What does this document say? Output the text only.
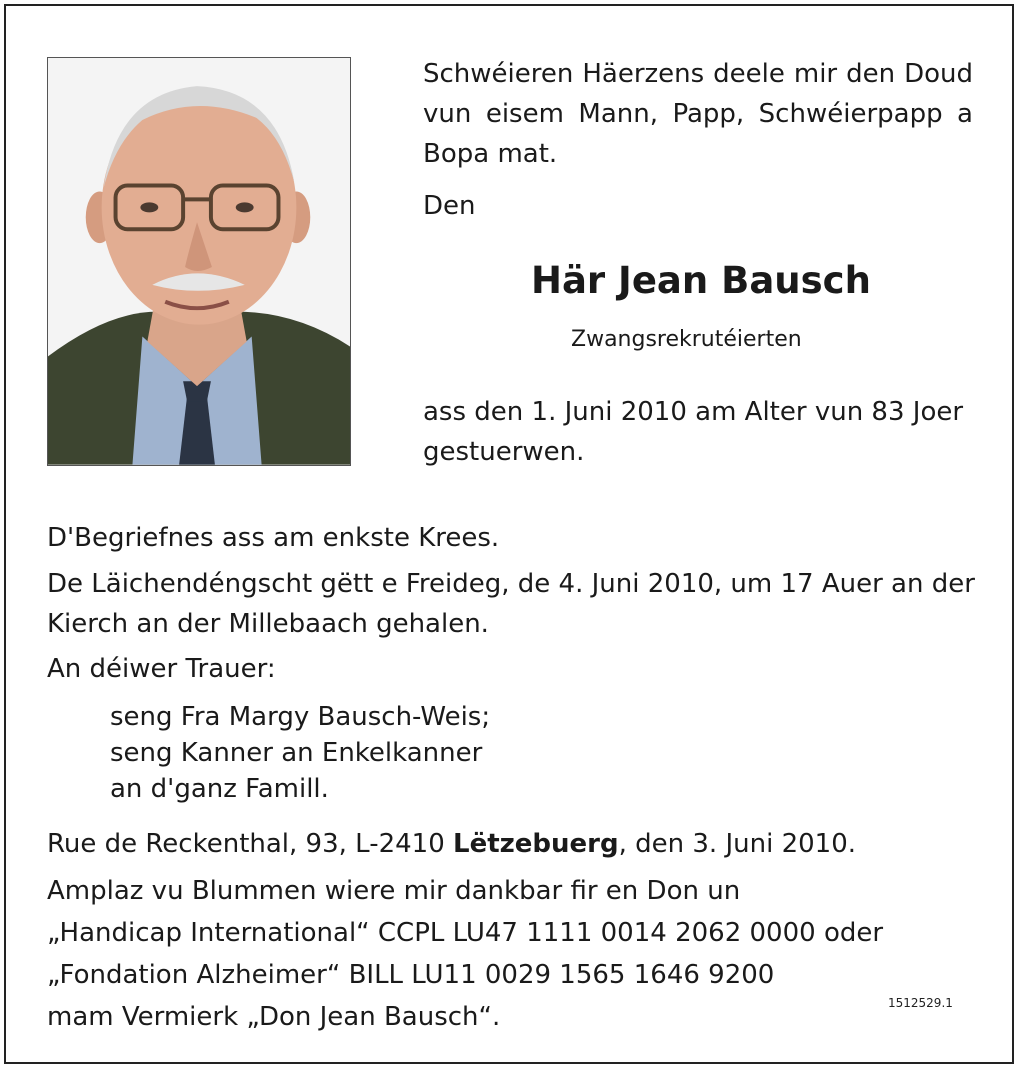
Schwéieren Häerzens deele mir den Doud vun eisem Mann, Papp, Schwéierpapp a Bopa mat.
Den
Här Jean Bausch
Zwangsrekrutéierten
ass den 1. Juni 2010 am Alter vun 83 Joer gestuerwen.
D'Begriefnes ass am enkste Krees.
De Läichendéngscht gëtt e Freideg, de 4. Juni 2010, um 17 Auer an der Kierch an der Millebaach gehalen.
An déiwer Trauer:
seng Fra Margy Bausch-Weis;
seng Kanner an Enkelkanner
an d'ganz Famill.
Rue de Reckenthal, 93, L-2410 Lëtzebuerg, den 3. Juni 2010.
Amplaz vu Blummen wiere mir dankbar fir en Don un
„Handicap International“ CCPL LU47 1111 0014 2062 0000 oder
„Fondation Alzheimer“ BILL LU11 0029 1565 1646 9200
mam Vermierk „Don Jean Bausch“.	1512529.1
